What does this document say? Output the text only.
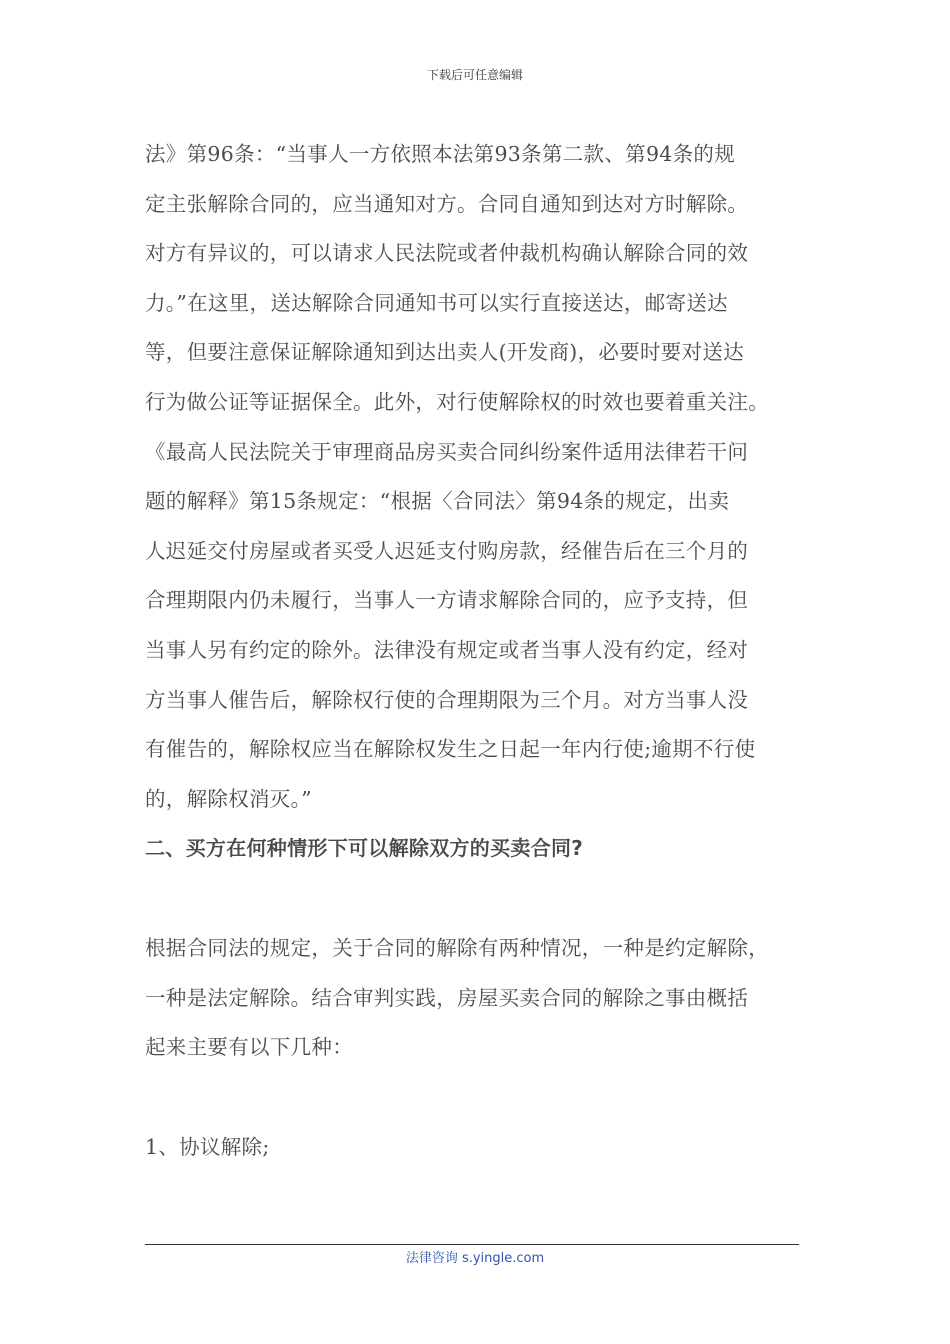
下载后可任意编辑
法》第96条：“当事人一方依照本法第93条第二款、第94条的规
定主张解除合同的，应当通知对方。合同自通知到达对方时解除。
对方有异议的，可以请求人民法院或者仲裁机构确认解除合同的效
力。”在这里，送达解除合同通知书可以实行直接送达，邮寄送达
等，但要注意保证解除通知到达出卖人(开发商)，必要时要对送达
行为做公证等证据保全。此外，对行使解除权的时效也要着重关注。
《最高人民法院关于审理商品房买卖合同纠纷案件适用法律若干问
题的解释》第15条规定：“根据〈合同法〉第94条的规定，出卖
人迟延交付房屋或者买受人迟延支付购房款，经催告后在三个月的
合理期限内仍未履行，当事人一方请求解除合同的，应予支持，但
当事人另有约定的除外。法律没有规定或者当事人没有约定，经对
方当事人催告后，解除权行使的合理期限为三个月。对方当事人没
有催告的，解除权应当在解除权发生之日起一年内行使;逾期不行使
的，解除权消灭。”
二、买方在何种情形下可以解除双方的买卖合同?
根据合同法的规定，关于合同的解除有两种情况，一种是约定解除，
一种是法定解除。结合审判实践，房屋买卖合同的解除之事由概括
起来主要有以下几种：
1、协议解除;
法律咨询 s.yingle.com
